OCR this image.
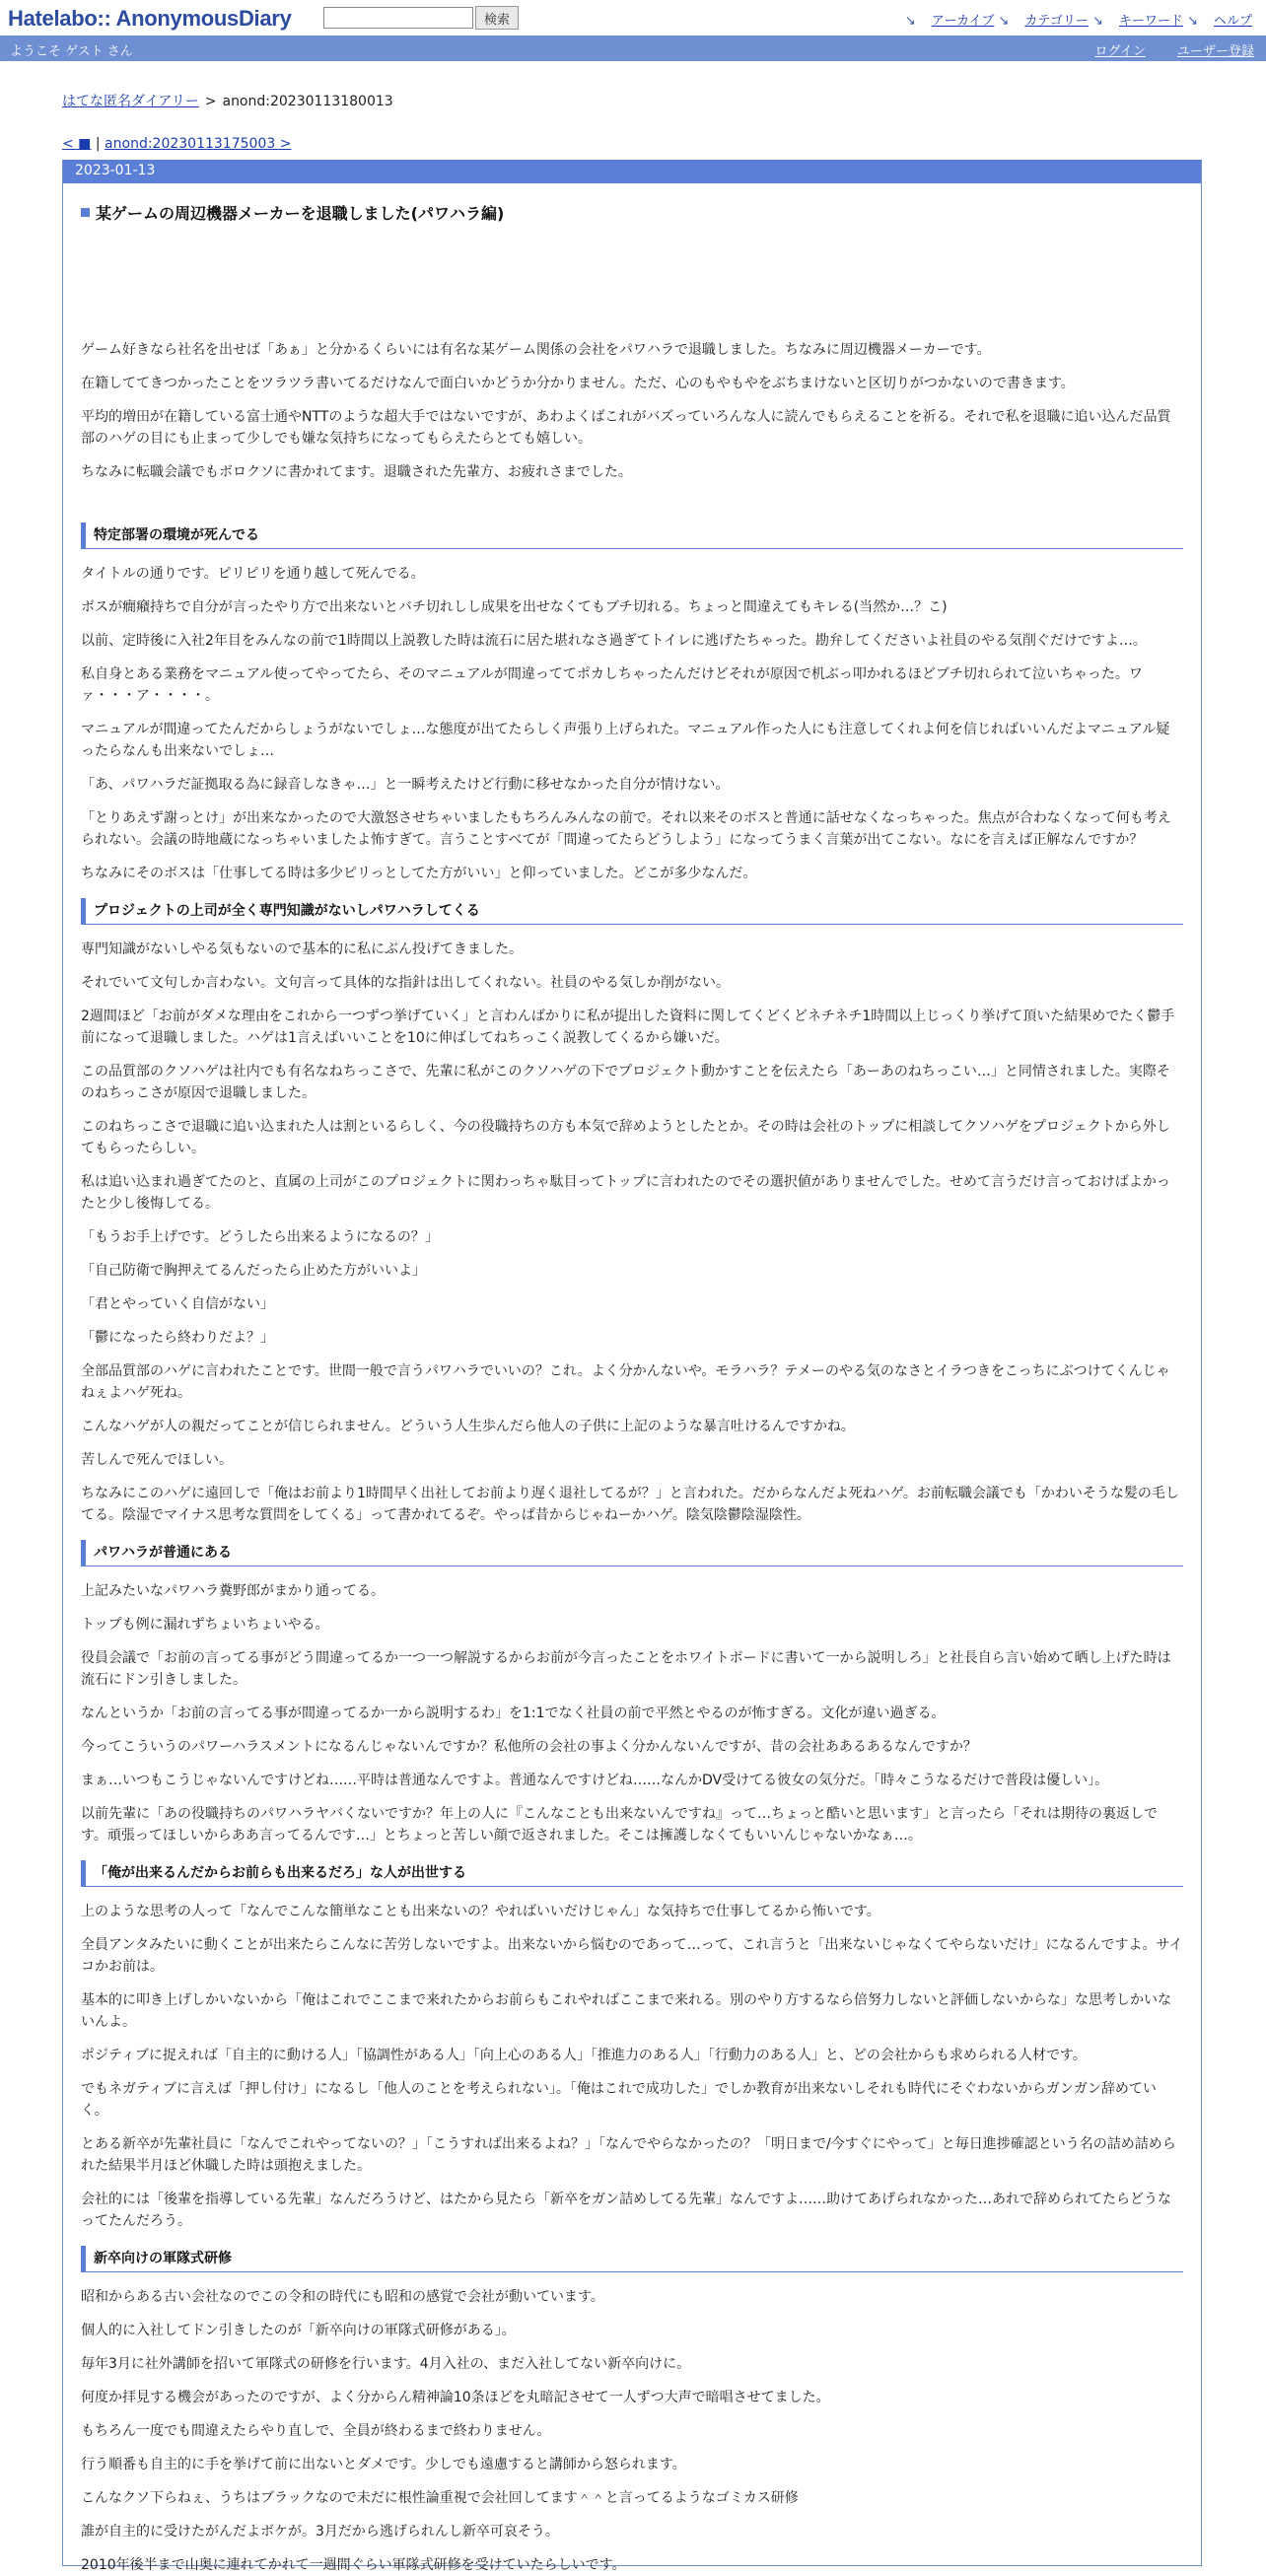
Hatelabo:: AnonymousDiary	検索	↘ アーカイブ ↘ カテゴリー ↘ キーワード ↘ ヘルプ
ようこそ ゲスト さん	ログイン ユーザー登録
はてな匿名ダイアリー > anond:20230113180013
< ■ | anond:20230113175003 >
2023-01-13
某ゲームの周辺機器メーカーを退職しました(パワハラ編)

ゲーム好きなら社名を出せば「あぁ」と分かるくらいには有名な某ゲーム関係の会社をパワハラで退職しました。ちなみに周辺機器メーカーです。

在籍しててきつかったことをツラツラ書いてるだけなんで面白いかどうか分かりません。ただ、心のもやもやをぶちまけないと区切りがつかないので書きます。

平均的増田が在籍している富士通やNTTのような超大手ではないですが、あわよくばこれがバズっていろんな人に読んでもらえることを祈る。それで私を退職に追い込んだ品質部のハゲの目にも止まって少しでも嫌な気持ちになってもらえたらとても嬉しい。

ちなみに転職会議でもボロクソに書かれてます。退職された先輩方、お疲れさまでした。

特定部署の環境が死んでる

タイトルの通りです。ピリピリを通り越して死んでる。

ボスが癇癪持ちで自分が言ったやり方で出来ないとバチ切れしし成果を出せなくてもブチ切れる。ちょっと間違えてもキレる(当然か…？こ)

以前、定時後に入社2年目をみんなの前で1時間以上説教した時は流石に居た堪れなさ過ぎてトイレに逃げたちゃった。勘弁してくださいよ社員のやる気削ぐだけですよ…。

私自身とある業務をマニュアル使ってやってたら、そのマニュアルが間違っててポカしちゃったんだけどそれが原因で机ぶっ叩かれるほどブチ切れられて泣いちゃった。ワァ・・・ア・・・・。

マニュアルが間違ってたんだからしょうがないでしょ…な態度が出てたらしく声張り上げられた。マニュアル作った人にも注意してくれよ何を信じればいいんだよマニュアル疑ったらなんも出来ないでしょ…

「あ、パワハラだ証拠取る為に録音しなきゃ…」と一瞬考えたけど行動に移せなかった自分が情けない。

「とりあえず謝っとけ」が出来なかったので大激怒させちゃいましたもちろんみんなの前で。それ以来そのボスと普通に話せなくなっちゃった。焦点が合わなくなって何も考えられない。会議の時地蔵になっちゃいましたよ怖すぎて。言うことすべてが「間違ってたらどうしよう」になってうまく言葉が出てこない。なにを言えば正解なんですか？

ちなみにそのボスは「仕事してる時は多少ピリっとしてた方がいい」と仰っていました。どこが多少なんだ。

プロジェクトの上司が全く専門知識がないしパワハラしてくる

専門知識がないしやる気もないので基本的に私にぶん投げてきました。

それでいて文句しか言わない。文句言って具体的な指針は出してくれない。社員のやる気しか削がない。

2週間ほど「お前がダメな理由をこれから一つずつ挙げていく」と言わんばかりに私が提出した資料に関してくどくどネチネチ1時間以上じっくり挙げて頂いた結果めでたく鬱手前になって退職しました。ハゲは1言えばいいことを10に伸ばしてねちっこく説教してくるから嫌いだ。

この品質部のクソハゲは社内でも有名なねちっこさで、先輩に私がこのクソハゲの下でプロジェクト動かすことを伝えたら「あーあのねちっこい…」と同情されました。実際そのねちっこさが原因で退職しました。

このねちっこさで退職に追い込まれた人は割といるらしく、今の役職持ちの方も本気で辞めようとしたとか。その時は会社のトップに相談してクソハゲをプロジェクトから外してもらったらしい。

私は追い込まれ過ぎてたのと、直属の上司がこのプロジェクトに関わっちゃ駄目ってトップに言われたのでその選択値がありませんでした。せめて言うだけ言っておけばよかったと少し後悔してる。

「もうお手上げです。どうしたら出来るようになるの？」

「自己防衛で胸押えてるんだったら止めた方がいいよ」

「君とやっていく自信がない」

「鬱になったら終わりだよ？」

全部品質部のハゲに言われたことです。世間一般で言うパワハラでいいの？これ。よく分かんないや。モラハラ？テメーのやる気のなさとイラつきをこっちにぶつけてくんじゃねぇよハゲ死ね。

こんなハゲが人の親だってことが信じられません。どういう人生歩んだら他人の子供に上記のような暴言吐けるんですかね。

苦しんで死んでほしい。

ちなみにこのハゲに遠回しで「俺はお前より1時間早く出社してお前より遅く退社してるが？」と言われた。だからなんだよ死ねハゲ。お前転職会議でも「かわいそうな髪の毛してる。陰湿でマイナス思考な質問をしてくる」って書かれてるぞ。やっぱ昔からじゃねーかハゲ。陰気陰鬱陰湿陰性。

パワハラが普通にある

上記みたいなパワハラ糞野郎がまかり通ってる。

トップも例に漏れずちょいちょいやる。

役員会議で「お前の言ってる事がどう間違ってるか一つ一つ解説するからお前が今言ったことをホワイトボードに書いて一から説明しろ」と社長自ら言い始めて晒し上げた時は流石にドン引きしました。

なんというか「お前の言ってる事が間違ってるか一から説明するわ」を1:1でなく社員の前で平然とやるのが怖すぎる。文化が違い過ぎる。

今ってこういうのパワーハラスメントになるんじゃないんですか？私他所の会社の事よく分かんないんですが、昔の会社ああるあるなんですか？

まぁ…いつもこうじゃないんですけどね……平時は普通なんですよ。普通なんですけどね……なんかDV受けてる彼女の気分だ。「時々こうなるだけで普段は優しい」。

以前先輩に「あの役職持ちのパワハラヤバくないですか？年上の人に『こんなことも出来ないんですね』って…ちょっと酷いと思います」と言ったら「それは期待の裏返しです。頑張ってほしいからああ言ってるんです…」とちょっと苦しい顔で返されました。そこは擁護しなくてもいいんじゃないかなぁ…。

「俺が出来るんだからお前らも出来るだろ」な人が出世する

上のような思考の人って「なんでこんな簡単なことも出来ないの？やればいいだけじゃん」な気持ちで仕事してるから怖いです。

全員アンタみたいに動くことが出来たらこんなに苦労しないですよ。出来ないから悩むのであって…って、これ言うと「出来ないじゃなくてやらないだけ」になるんですよ。サイコかお前は。

基本的に叩き上げしかいないから「俺はこれでここまで来れたからお前らもこれやればここまで来れる。別のやり方するなら倍努力しないと評価しないからな」な思考しかいないんよ。

ポジティブに捉えれば「自主的に動ける人」「協調性がある人」「向上心のある人」「推進力のある人」「行動力のある人」と、どの会社からも求められる人材です。

でもネガティブに言えば「押し付け」になるし「他人のことを考えられない」。「俺はこれで成功した」でしか教育が出来ないしそれも時代にそぐわないからガンガン辞めていく。

とある新卒が先輩社員に「なんでこれやってないの？」「こうすれば出来るよね？」「なんでやらなかったの？「明日まで/今すぐにやって」と毎日進捗確認という名の詰め詰められた結果半月ほど休職した時は頭抱えました。

会社的には「後輩を指導している先輩」なんだろうけど、はたから見たら「新卒をガン詰めしてる先輩」なんですよ……助けてあげられなかった…あれで辞められてたらどうなってたんだろう。

新卒向けの軍隊式研修

昭和からある古い会社なのでこの令和の時代にも昭和の感覚で会社が動いています。

個人的に入社してドン引きしたのが「新卒向けの軍隊式研修がある」。

毎年3月に社外講師を招いて軍隊式の研修を行います。4月入社の、まだ入社してない新卒向けに。

何度か拝見する機会があったのですが、よく分からん精神論10条ほどを丸暗記させて一人ずつ大声で暗唱させてました。

もちろん一度でも間違えたらやり直しで、全員が終わるまで終わりません。

行う順番も自主的に手を挙げて前に出ないとダメです。少しでも遠慮すると講師から怒られます。

こんなクソ下らねぇ、うちはブラックなので未だに根性論重視で会社回してます＾＾と言ってるようなゴミカス研修

誰が自主的に受けたがんだよボケが。3月だから逃げられんし新卒可哀そう。

2010年後半まで山奥に連れてかれて一週間ぐらい軍隊式研修を受けていたらしいです。
